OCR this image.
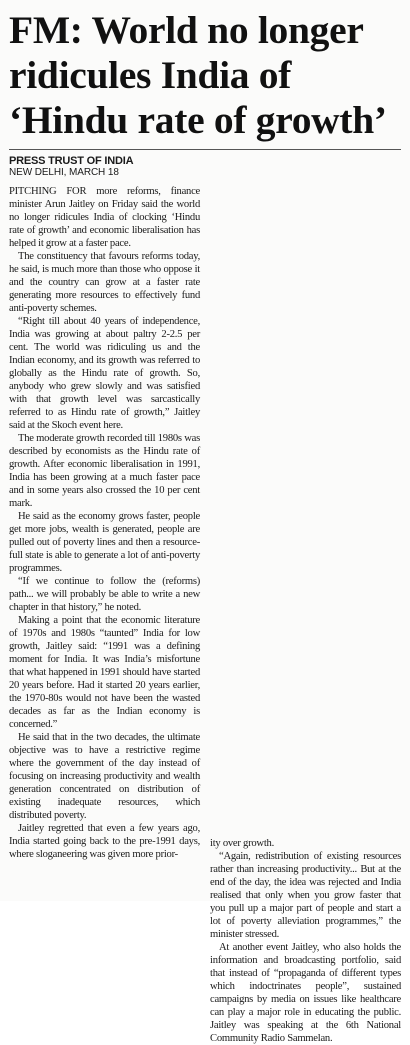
FM: World no longer
ridicules India of
‘Hindu rate of growth’
PRESS TRUST OF INDIA
NEW DELHI, MARCH 18

PITCHING FOR more reforms, finance minister Arun Jaitley on Friday said the world no longer ridicules India of clocking ‘Hindu rate of growth’ and economic liberalisation has helped it grow at a faster pace.

The constituency that favours reforms today, he said, is much more than those who oppose it and the country can grow at a faster rate generating more resources to effectively fund anti-poverty schemes.

“Right till about 40 years of independence, India was growing at about paltry 2-2.5 per cent. The world was ridiculing us and the Indian economy, and its growth was referred to globally as the Hindu rate of growth. So, anybody who grew slowly and was satisfied with that growth level was sarcastically referred to as Hindu rate of growth,” Jaitley said at the Skoch event here.

The moderate growth recorded till 1980s was described by economists as the Hindu rate of growth. After economic liberalisation in 1991, India has been growing at a much faster pace and in some years also crossed the 10 per cent mark.

He said as the economy grows faster, people get more jobs, wealth is generated, people are pulled out of poverty lines and then a resource-full state is able to generate a lot of anti-poverty programmes.

“If we continue to follow the (reforms) path... we will probably be able to write a new chapter in that history,” he noted.

Making a point that the economic literature of 1970s and 1980s “taunted” India for low growth, Jaitley said: “1991 was a defining moment for India. It was India’s misfortune that what happened in 1991 should have started 20 years before. Had it started 20 years earlier, the 1970-80s would not have been the wasted decades as far as the Indian economy is concerned.”

He said that in the two decades, the ultimate objective was to have a restrictive regime where the government of the day instead of focusing on increasing productivity and wealth generation concentrated on distribution of existing inadequate resources, which distributed poverty.

Jaitley regretted that even a few years ago, India started going back to the pre-1991 days, where sloganeering was given more prior-

ity over growth.

“Again, redistribution of existing resources rather than increasing productivity... But at the end of the day, the idea was rejected and India realised that only when you grow faster that you pull up a major part of people and start a lot of poverty alleviation programmes,” the minister stressed.

At another event Jaitley, who also holds the information and broadcasting portfolio, said that instead of “propaganda of different types which indoctrinates people”, sustained campaigns by media on issues like healthcare can play a major role in educating the public. Jaitley was speaking at the 6th National Community Radio Sammelan.
